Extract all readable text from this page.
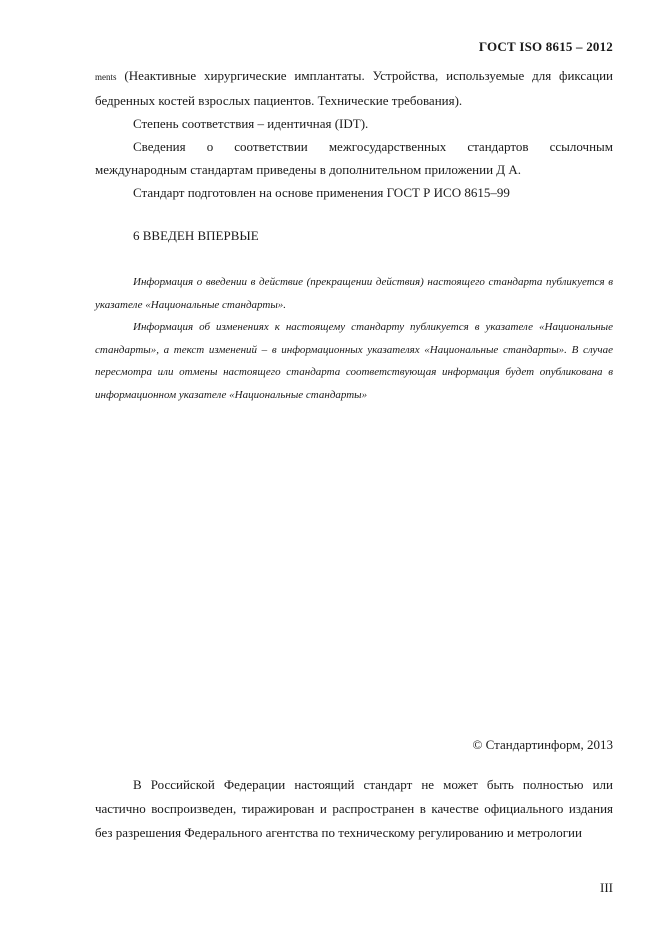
ГОСТ ISO 8615 – 2012

ments (Неактивные хирургические имплантаты. Устройства, используемые для фиксации бедренных костей взрослых пациентов. Технические требования).

Степень соответствия – идентичная (IDT).

Сведения о соответствии межгосударственных стандартов ссылочным международным стандартам приведены в дополнительном приложении Д А.

Стандарт подготовлен на основе применения ГОСТ Р ИСО 8615–99

6 ВВЕДЕН ВПЕРВЫЕ

Информация о введении в действие (прекращении действия) настоящего стандарта публикуется в указателе «Национальные стандарты».

Информация об изменениях к настоящему стандарту публикуется в указателе «Национальные стандарты», а текст изменений – в информационных указателях «Национальные стандарты». В случае пересмотра или отмены настоящего стандарта соответствующая информация будет опубликована в информационном указателе «Национальные стандарты»

© Стандартинформ, 2013

В Российской Федерации настоящий стандарт не может быть полностью или частично воспроизведен, тиражирован и распространен в качестве официального издания без разрешения Федерального агентства по техническому регулированию и метрологии

III
